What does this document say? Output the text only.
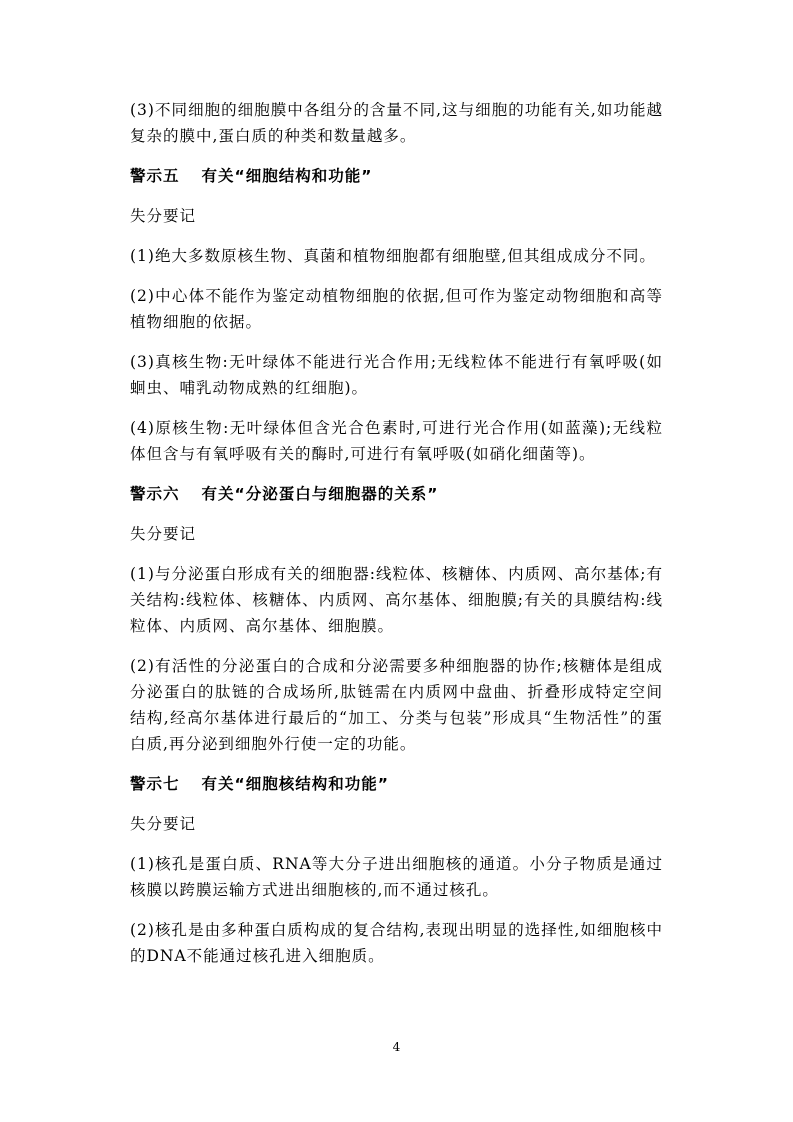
(3)不同细胞的细胞膜中各组分的含量不同,这与细胞的功能有关,如功能越复杂的膜中,蛋白质的种类和数量越多。

警示五 有关“细胞结构和功能”

失分要记

(1)绝大多数原核生物、真菌和植物细胞都有细胞壁,但其组成成分不同。

(2)中心体不能作为鉴定动植物细胞的依据,但可作为鉴定动物细胞和高等植物细胞的依据。

(3)真核生物:无叶绿体不能进行光合作用;无线粒体不能进行有氧呼吸(如蛔虫、哺乳动物成熟的红细胞)。

(4)原核生物:无叶绿体但含光合色素时,可进行光合作用(如蓝藻);无线粒体但含与有氧呼吸有关的酶时,可进行有氧呼吸(如硝化细菌等)。

警示六 有关“分泌蛋白与细胞器的关系”

失分要记

(1)与分泌蛋白形成有关的细胞器:线粒体、核糖体、内质网、高尔基体;有关结构:线粒体、核糖体、内质网、高尔基体、细胞膜;有关的具膜结构:线粒体、内质网、高尔基体、细胞膜。

(2)有活性的分泌蛋白的合成和分泌需要多种细胞器的协作;核糖体是组成分泌蛋白的肽链的合成场所,肽链需在内质网中盘曲、折叠形成特定空间结构,经高尔基体进行最后的“加工、分类与包装”形成具“生物活性”的蛋白质,再分泌到细胞外行使一定的功能。

警示七 有关“细胞核结构和功能”

失分要记

(1)核孔是蛋白质、RNA等大分子进出细胞核的通道。小分子物质是通过核膜以跨膜运输方式进出细胞核的,而不通过核孔。

(2)核孔是由多种蛋白质构成的复合结构,表现出明显的选择性,如细胞核中的DNA不能通过核孔进入细胞质。

4
